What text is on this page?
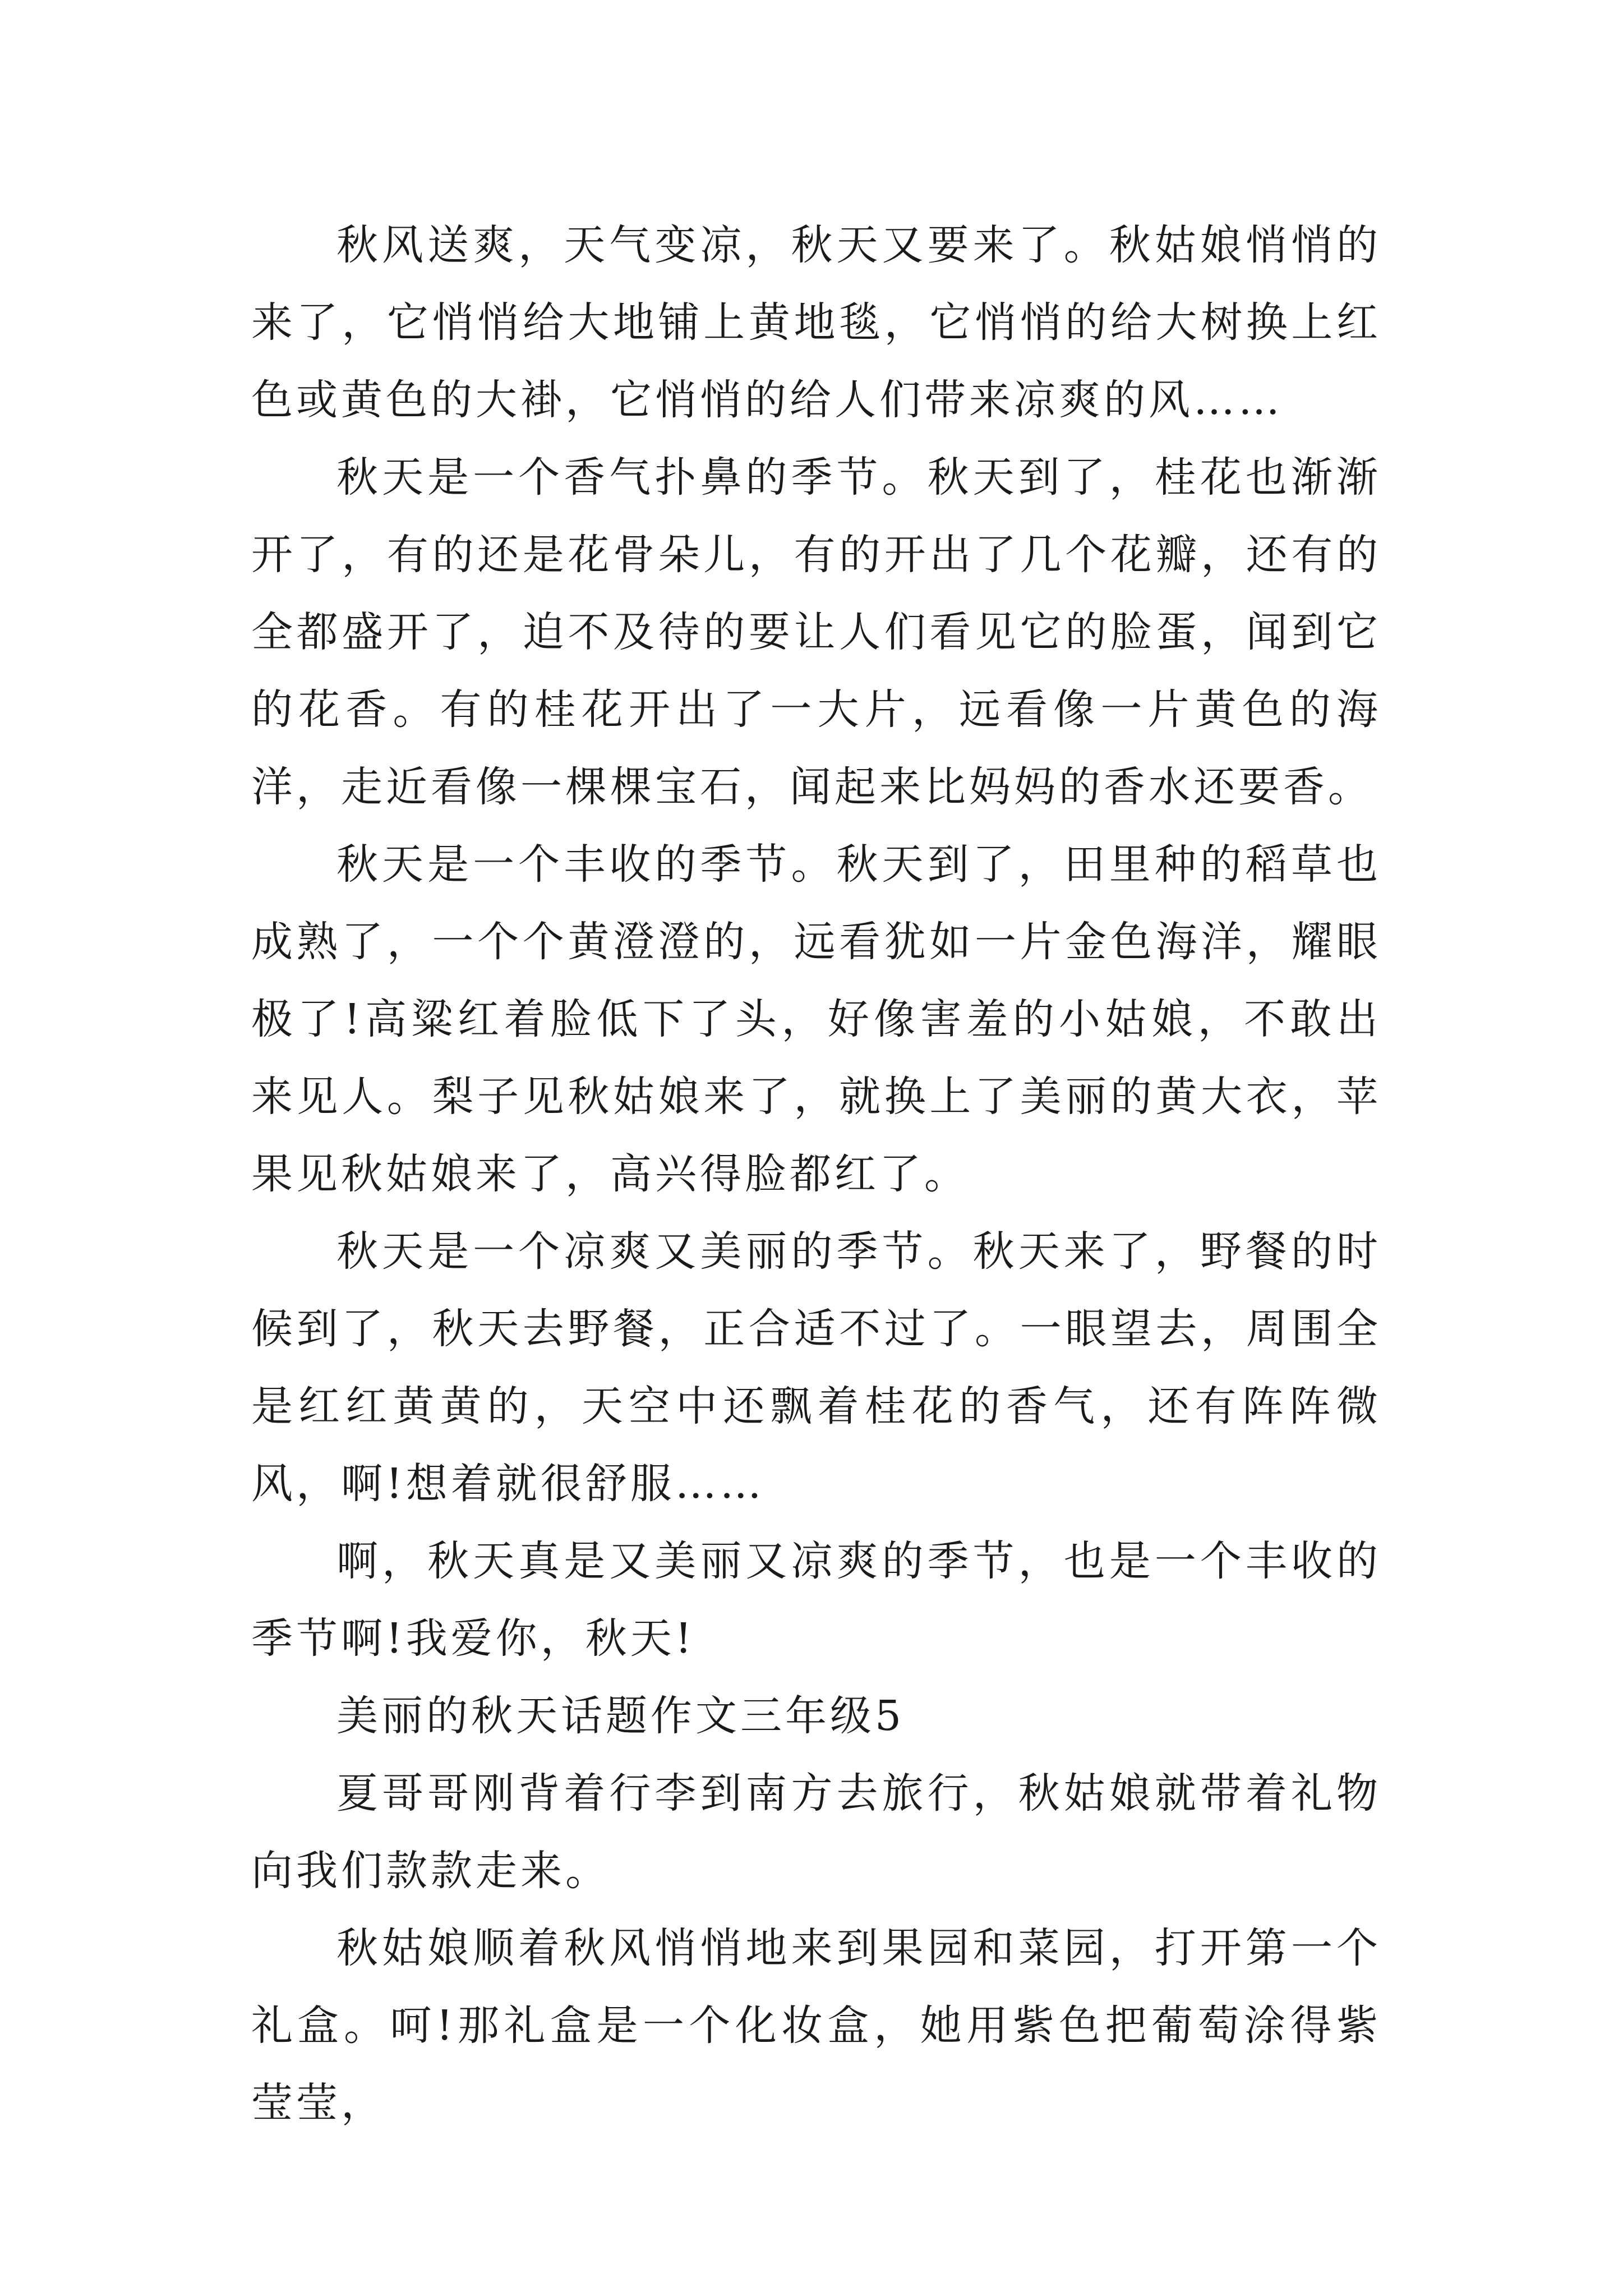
秋风送爽，天气变凉，秋天又要来了。秋姑娘悄悄的来了，它悄悄给大地铺上黄地毯，它悄悄的给大树换上红色或黄色的大褂，它悄悄的给人们带来凉爽的风……

秋天是一个香气扑鼻的季节。秋天到了，桂花也渐渐开了，有的还是花骨朵儿，有的开出了几个花瓣，还有的全都盛开了，迫不及待的要让人们看见它的脸蛋，闻到它的花香。有的桂花开出了一大片，远看像一片黄色的海洋，走近看像一棵棵宝石，闻起来比妈妈的香水还要香。

秋天是一个丰收的季节。秋天到了，田里种的稻草也成熟了，一个个黄澄澄的，远看犹如一片金色海洋，耀眼极了!高粱红着脸低下了头，好像害羞的小姑娘，不敢出来见人。梨子见秋姑娘来了，就换上了美丽的黄大衣，苹果见秋姑娘来了，高兴得脸都红了。

秋天是一个凉爽又美丽的季节。秋天来了，野餐的时候到了，秋天去野餐，正合适不过了。一眼望去，周围全是红红黄黄的，天空中还飘着桂花的香气，还有阵阵微风，啊!想着就很舒服……

啊，秋天真是又美丽又凉爽的季节，也是一个丰收的季节啊!我爱你，秋天!

美丽的秋天话题作文三年级5

夏哥哥刚背着行李到南方去旅行，秋姑娘就带着礼物向我们款款走来。

秋姑娘顺着秋风悄悄地来到果园和菜园，打开第一个礼盒。呵!那礼盒是一个化妆盒，她用紫色把葡萄涂得紫莹莹，
